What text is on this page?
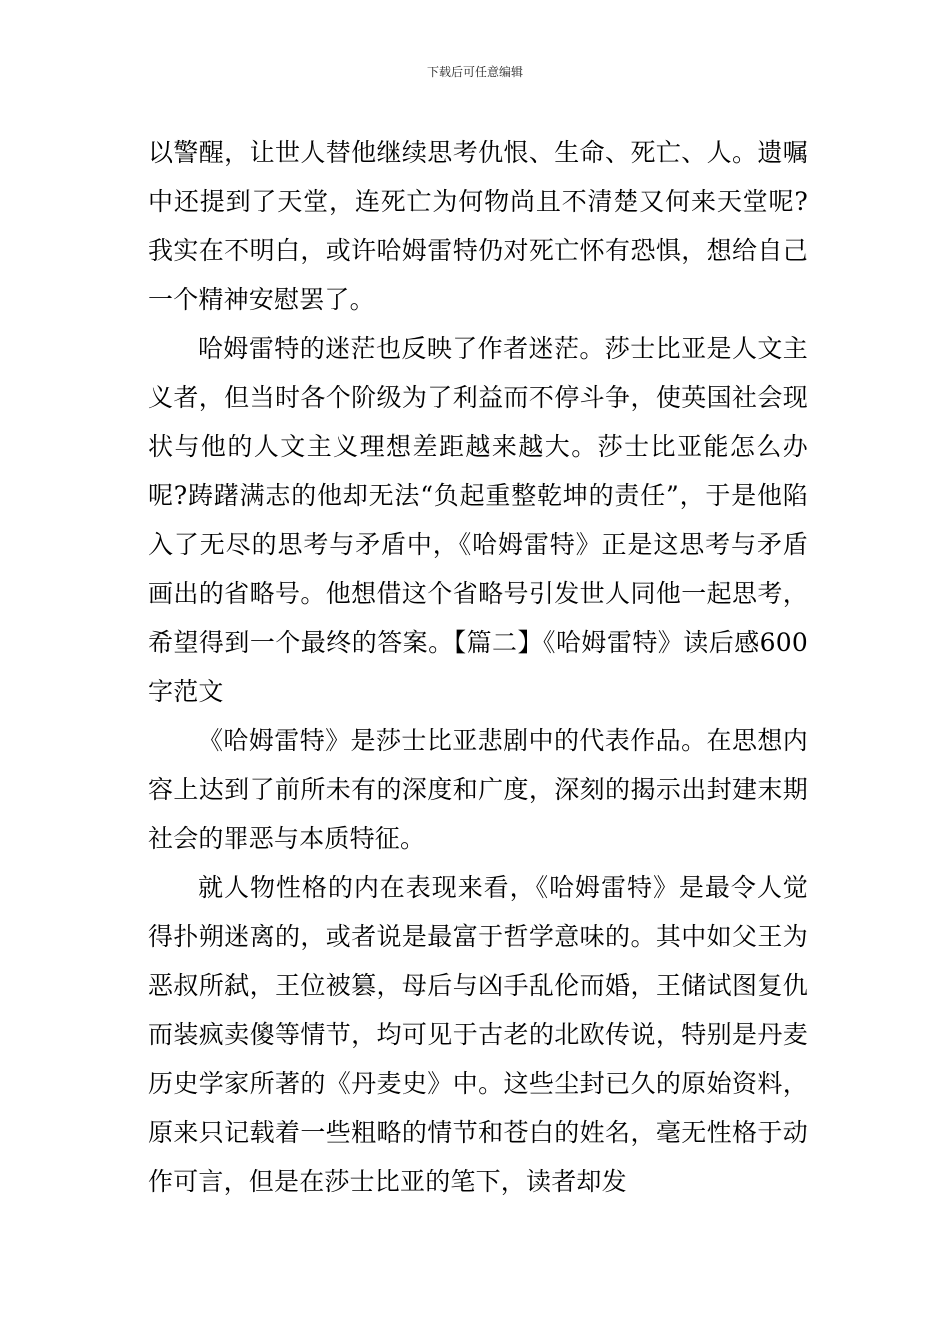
下载后可任意编辑

以警醒，让世人替他继续思考仇恨、生命、死亡、人。遗嘱中还提到了天堂，连死亡为何物尚且不清楚又何来天堂呢?我实在不明白，或许哈姆雷特仍对死亡怀有恐惧，想给自己一个精神安慰罢了。

哈姆雷特的迷茫也反映了作者迷茫。莎士比亚是人文主义者，但当时各个阶级为了利益而不停斗争，使英国社会现状与他的人文主义理想差距越来越大。莎士比亚能怎么办呢?踌躇满志的他却无法“负起重整乾坤的责任”，于是他陷入了无尽的思考与矛盾中，《哈姆雷特》正是这思考与矛盾画出的省略号。他想借这个省略号引发世人同他一起思考，希望得到一个最终的答案。【篇二】《哈姆雷特》读后感600字范文

《哈姆雷特》是莎士比亚悲剧中的代表作品。在思想内容上达到了前所未有的深度和广度，深刻的揭示出封建末期社会的罪恶与本质特征。

就人物性格的内在表现来看，《哈姆雷特》是最令人觉得扑朔迷离的，或者说是最富于哲学意味的。其中如父王为恶叔所弑，王位被篡，母后与凶手乱伦而婚，王储试图复仇而装疯卖傻等情节，均可见于古老的北欧传说，特别是丹麦历史学家所著的《丹麦史》中。这些尘封已久的原始资料，原来只记载着一些粗略的情节和苍白的姓名，毫无性格于动作可言，但是在莎士比亚的笔下，读者却发
